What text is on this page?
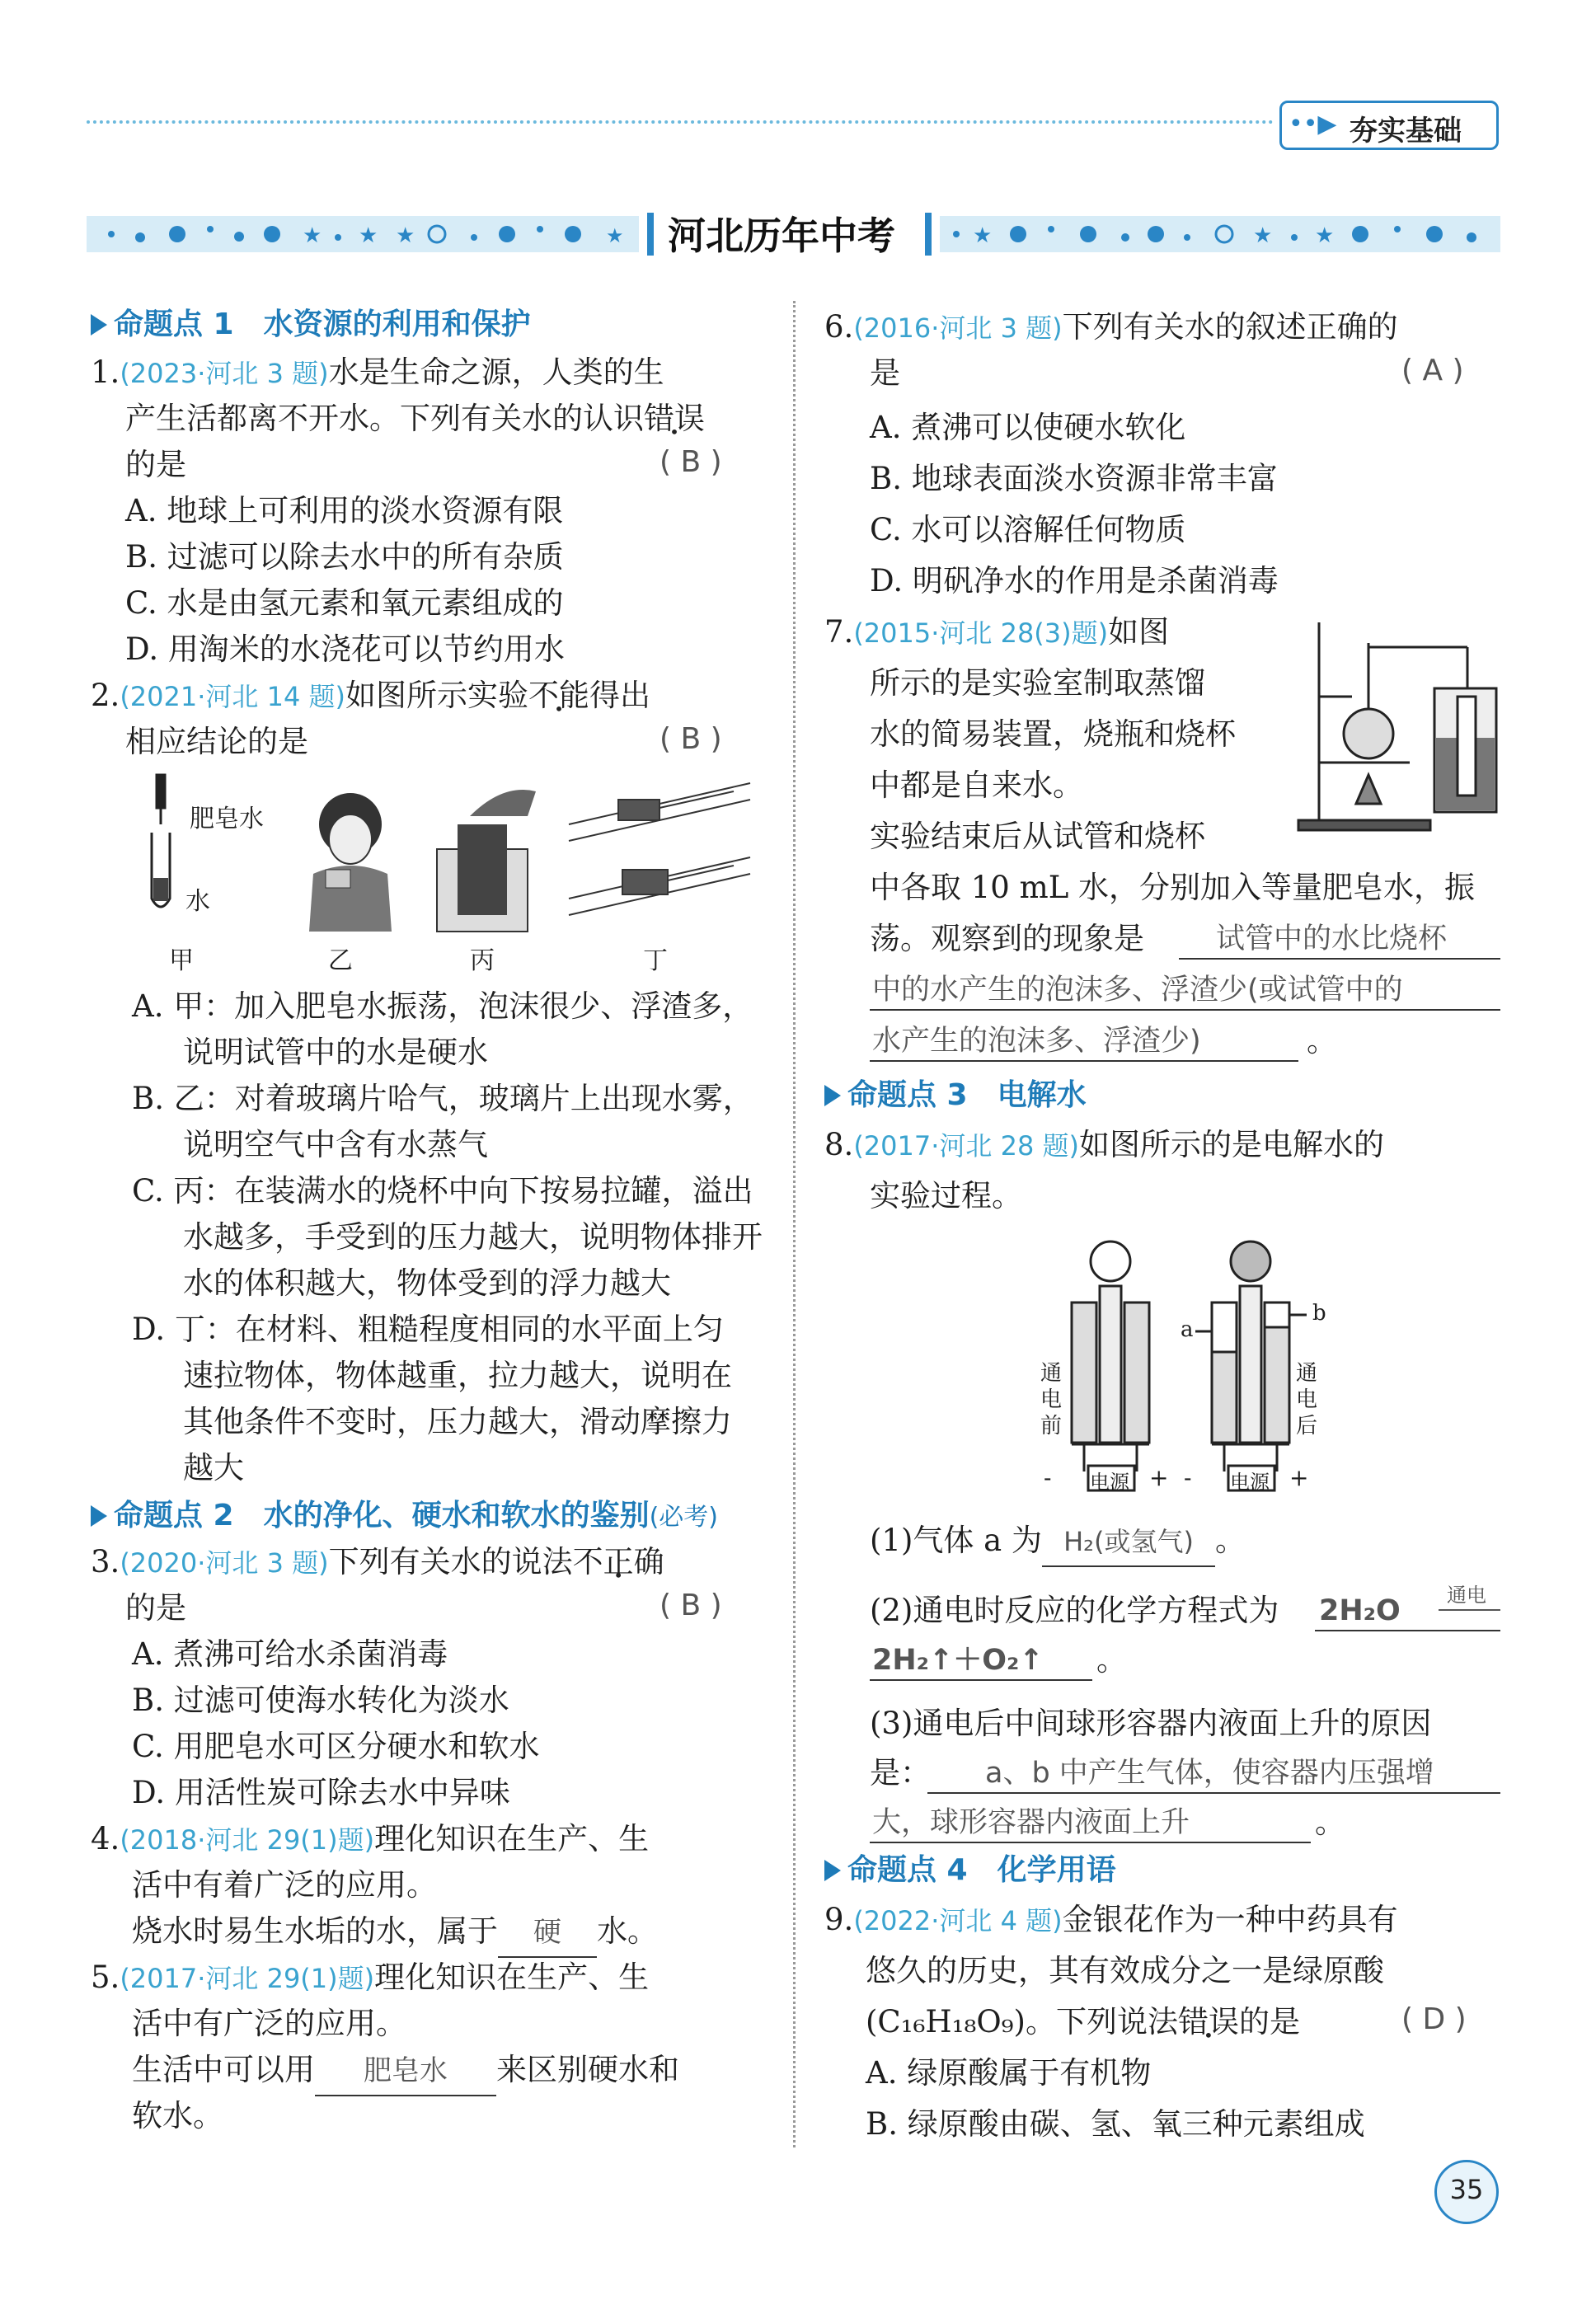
••▶ 夯实基础
★ ★ ★	★ 河北历年中考	★	★ ★
命题点 1　水资源的利用和保护
1.(2023·河北 3 题)水是生命之源，人类的生
产生活都离不开水。下列有关水的认识错误
的是	( B )
A. 地球上可利用的淡水资源有限
B. 过滤可以除去水中的所有杂质
C. 水是由氢元素和氧元素组成的
D. 用淘米的水浇花可以节约用水
2.(2021·河北 14 题)如图所示实验不能得出
相应结论的是	( B )
肥皂水
水
甲	乙	丙	丁
A. 甲：加入肥皂水振荡，泡沫很少、浮渣多，
说明试管中的水是硬水
B. 乙：对着玻璃片哈气，玻璃片上出现水雾，
说明空气中含有水蒸气
C. 丙：在装满水的烧杯中向下按易拉罐，溢出
水越多，手受到的压力越大，说明物体排开
水的体积越大，物体受到的浮力越大
D. 丁：在材料、粗糙程度相同的水平面上匀
速拉物体，物体越重，拉力越大，说明在
其他条件不变时，压力越大，滑动摩擦力
越大
命题点 2　水的净化、硬水和软水的鉴别(必考)
3.(2020·河北 3 题)下列有关水的说法不正确
的是	( B )
A. 煮沸可给水杀菌消毒
B. 过滤可使海水转化为淡水
C. 用肥皂水可区分硬水和软水
D. 用活性炭可除去水中异味
4.(2018·河北 29(1)题)理化知识在生产、生
活中有着广泛的应用。
烧水时易生水垢的水，属于 硬 水。
5.(2017·河北 29(1)题)理化知识在生产、生
活中有广泛的应用。
生活中可以用 肥皂水 来区别硬水和
软水。
6.(2016·河北 3 题)下列有关水的叙述正确的
是	( A )
A. 煮沸可以使硬水软化
B. 地球表面淡水资源非常丰富
C. 水可以溶解任何物质
D. 明矾净水的作用是杀菌消毒
7.(2015·河北 28(3)题)如图
所示的是实验室制取蒸馏
水的简易装置，烧瓶和烧杯
中都是自来水。
实验结束后从试管和烧杯
中各取 10 mL 水，分别加入等量肥皂水，振
荡。观察到的现象是 试管中的水比烧杯
中的水产生的泡沫多、浮渣少(或试管中的
水产生的泡沫多、浮渣少)	。
命题点 3　电解水
8.(2017·河北 28 题)如图所示的是电解水的
实验过程。
a
b
通电前
通电后
电源	电源
-	+ -	+
(1)气体 a 为 H₂(或氢气) 。
(2)通电时反应的化学方程式为 2H₂O 通电
2H₂↑＋O₂↑ 。
(3)通电后中间球形容器内液面上升的原因
是： a、b 中产生气体，使容器内压强增
大，球形容器内液面上升	。
命题点 4　化学用语
9.(2022·河北 4 题)金银花作为一种中药具有
悠久的历史，其有效成分之一是绿原酸
(C₁₆H₁₈O₉)。下列说法错误的是	( D )
A. 绿原酸属于有机物
B. 绿原酸由碳、氢、氧三种元素组成
35
